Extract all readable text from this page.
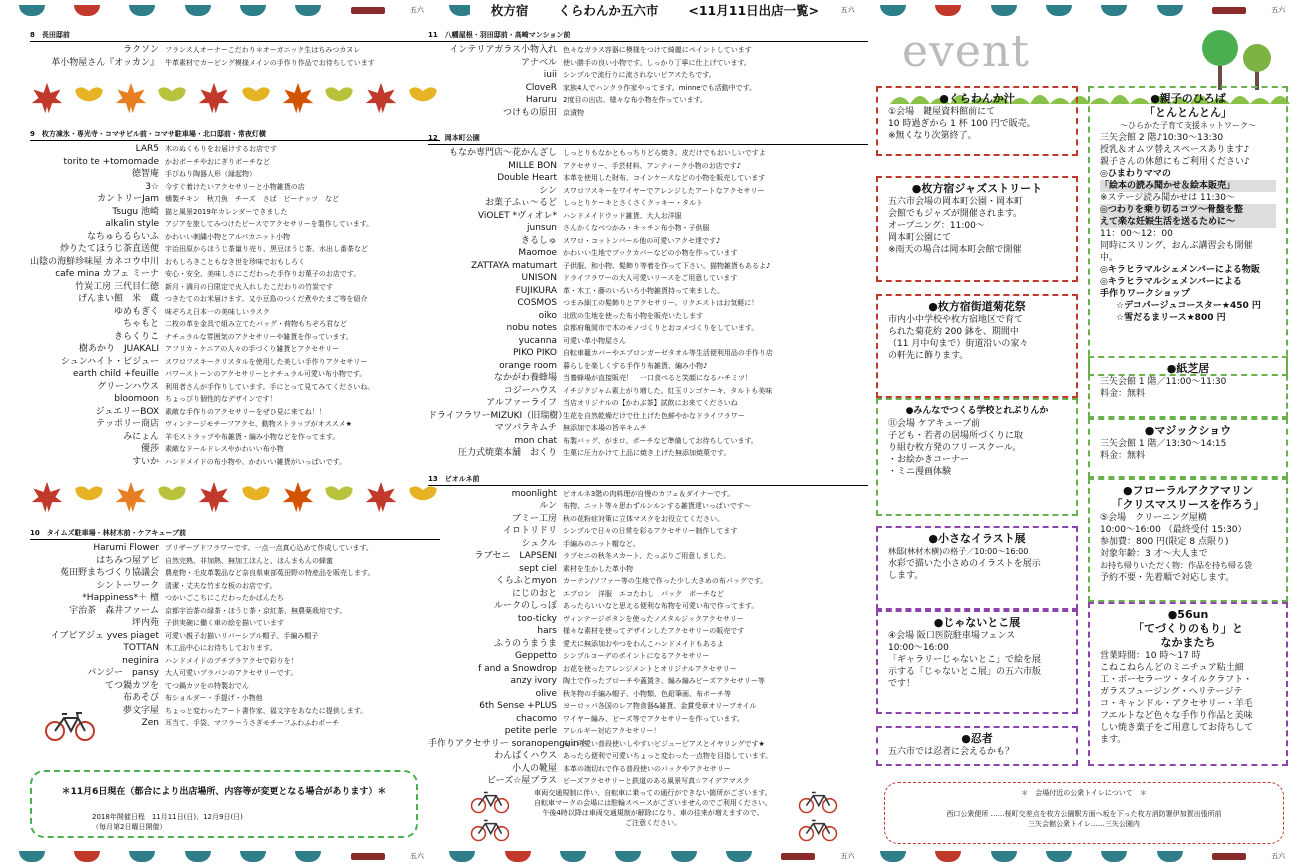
五六	五六	五六
五六	五六	五六
枚方宿 くらわんか五六市 <11月11日出店一覧>
8　長田邸前
ラクソン フランス人オーナーこだわり＊オーガニック生はちみつカヌレ
革小物屋さん『オッカン』 牛革素材でカービング模様メインの手作り作品でお待ちしています
9　枚方凍氷・専光寺・コマサビル前・コマサ駐車場・北口邸前・常夜灯横
LAR5 木のぬくもりをお届けするお店です
torito te +tomomade かおポーチやおにぎりポーチなど
徳智庵 手びねり陶器人形（縁起物）
3☆ 今すぐ着けたいアクセサリーと小物雑貨の店
カントリーJam 燻製チキン　秋刀魚　チーズ　さば　ピーナッツ　など
Tsugu 池崎 猫と風景2019年カレンダーできました
alkalin style アジアを旅してみつけたピースでアクセサリーを製作しています。
なちゅらるらいふ かわいい刺繍小物とアルパカニット小物
炒りたてほうじ茶直送便 宇治田原からほうじ茶量り売り、黒豆ほうじ茶、水出し番茶など
山陰の海鮮珍味屋 カネコウ中川 おもしろきこともなき世を珍味でおもしろく
cafe mina カフェ ミーナ 安心・安全、美味しさにこだわった手作りお菓子のお店です。
竹炭工房 三代目仁徳 新月・満月の日限定で火入れしたこだわりの竹炭です
げんまい館　米　蔵 つきたてのお米届けます。又小豆島のつくだ煮やたまご等を紹介
ゆめもぎく 味ぞろえ日本一の美味しいラスク
ちゃもと 二枚の革を金具で組み立てたバッグ・荷物もちぞろ君など
きらくりこ ナチュラルな雰囲気のアクセサリーや雑貨を作っています。
樹あかり　JUAKALI アフリカ・ケニアの人々の手づくり雑貨とアクセサリー
シュンハイト・ビジュー スワロフスキークリスタルを使用した美しい手作りアクセサリー
earth child +feuille パワーストーンのアクセサリーとナチュラル可愛い布小物です。
グリーンハウス 利用者さんが手作りしています。手にとって見てみてくださいね。
bloomoon ちょっぴり個性的なデザインです！
ジュエリーBOX 素敵な手作りのアクセサリーをぜひ見に来てね！！
テッポリー商店 ヴィンテージモチーフアクセ、動物ストラップがオススメ★
みにょん 羊毛ストラップや布雑貨・編み小物などを作ってます。
優莎 素敵なドールドレスやかわいい布小物
すいか ハンドメイドの布小物や、かわいい雑貨がいっぱいです。
10　タイムズ駐車場・林材木前・ケアキューブ前
Harumi Flower プリザーブドフラワーです。一点一点真心込めて作成しています。
はちみつ屋アピ 自然完熟、非加熱、無加工ほんと、ほんまもんの蜂蜜
菟田野まちづくり協議会 農産物・毛皮革製品など奈良県東部菟田野の特産品を販売します。
シントーワーク 清潔・丈夫な竹まな板のお店です。
*Happiness*＋ 檀 つかいごこちにこだわったかばんたち
宇治茶　森井ファーム 京都宇治茶の緑茶・ほうじ茶・京紅茶、無農薬栽培です。
坪内苑 子供実碗に働く車の絵を描いています
イブピアジェ yves piaget 可愛い親子お揃いリバーシブル帽子、手編み帽子
TOTTAN 木工品中心にお待ちしております。
neginira ハンドメイドのプチプラアクセで彩りを！
パンジー　pansy 大人可愛いプラバンのアクセサリーです。
てつ鍋カツを てつ鍋カツをの特製おでん
布あそび 布ショルダー・手提げ・小物他
夢文字屋 ちょっと変わったアート書作家、福文字をあなたに提供します。
Zen 耳当て、手袋、マフラーうさぎモチーフふわふわポーチ
＊11月6日現在（都合により出店場所、内容等が変更となる場合があります）＊
2018年開催日程　11月11日(日)、12月9日(日)
（毎月第2日曜日開催）
11　八幡屋根・羽田邸前・高崎マンション前
インテリアガラス小物入れ 色々なガラス容器に模様をつけて綺麗にペイントしています
アナベル 使い勝手の良い小物です。しっかり丁寧に仕上げています。
iuii シンプルで流行りに流されないピアスたちです。
CloveR 家族4人でハンクラ作家やってます。minneでも活動中です。
Haruru 2度目の出店。様々な布小物を作っています。
つけもの原田 京漬物
12　岡本町公園
もなか専門店〜花かんざし しっとりもなかともっちりどら焼き。皮だけでもおいしいですよ
MILLE BON アクセサリー、手芸材料、アンティーク小物のお店です♪
Double Heart 本革を使用した財布、コインケースなどの小物を販売しています
シン スワロフスキーをワイヤーでアレンジしたアートなアクセサリー
お菓子ふぃ〜るど しっとりケーキとさくさくクッキー・タルト
ViOLET *ヴィオレ* ハンドメイドウッド雑貨、大人お洋服
junsun さんかくなべつかみ・キッチン布小物・子供服
きるしゅ スワロ・コットンパール他の可愛いアクセ達です♪
Maomoe かわいい生地でブックカバーなどの小物を作っています
ZATTAYA matumart 子供服、和小物、髪飾り等着を作って下さい。猫物雑貨もあるよ♪
UNISON ドライフラワーの大人可愛いリースをご用意しています
FUJIKURA 革・木工・藤のいろいろ小物雑貨持って来ました。
COSMOS つまみ細工の髪飾りとアクセサリー。リクエストはお気軽に！
oiko 北欧の生地を使った布小物を販売いたします
nobu notes 京都府亀岡市で木のモノづくりとおコメづくりをしています。
yucanna 可愛い革小物屋さん
PIKO PIKO 自転車籠カバーやエプロンガーゼタオル等生活便利用品の手作り店
orange room 暮らしを楽しくする手作り布雑貨、編み小物♪
なかがわ養蜂場 当養蜂場が直接販売！　一口食べると笑顔になるハチミツ！
コジーハウス イチジクジャム素上がり増した。紅玉リンゴケーキ、タルトも美味
アルファーライフ 当店オリジナルの【かわぶ茶】試飲にお来てくださいね
ドライフラワーMIZUKI（旧瑞樹）
生花を自然乾燥だけで仕上げた色鮮やかなドライフラワー
マツバラキムチ 無添加で本場の旨辛キムチ
mon chat 布製バッグ、がまロ、ポーチなど準備してお待ちしています。
圧力式焼菓本舗　おくり 生菓に圧力かけて上品に焼き上げた無添加焼菓です。
13　ビオルネ前
moonlight ビオルネ3階の肉料理が自慢のカフェ＆ダイナーです。
ルン 布物、ニット等々思わずルンルンする雑貨達いっぱいです〜
ブミー工房 秋の花粉症対策に立体マスクをお役立てください。
イロトリドリ シンプルで日々の日常を彩るアクセサリー制作してます
シュクル 手編みのニット帽など。
ラブセニ　LAPSENI ラプセニの秋冬スカート、たっぷりご用意しました。
sept ciel 素材を生かした革小物
くらふとmyon カーテン/ソファー等の生地で作った少し大きめの布バッグです。
にじのおと エプロン　洋服　エコたわし　バック　ポーチなど
ルークのしっぽ あったらいいなと思える便利な布物を可愛い布で作ってます。
too-ticky ヴィンテージボタンを使ったノスタルジックアクセサリー
hars 様々な素材を使ってデザインしたアクセサリーの販売です
ふうのうまうま 愛犬に無添加おやつをわんこハンドメイドもあるよ
Geppetto シンプルコーデのポイントになるアクセサリー
f and a Snowdrop お花を使ったアレンジメントとオリジナルアクセサリー
anzy ivory 陶土で作ったブローチや蓋置き、編み編みビーズアクセサリー等
olive 秋冬物の手編み帽子、小物類、色鉛筆画、布ボーチ等
6th Sense +PLUS ヨーロッパ各国のレア物食器&雑貨、金賞受章オリーブオイル
chacomo ワイヤー編み、ビーズ等でアクセサリーを作っています。
petite perle アレルギー対応アクセサリー！
手作りアクセサリー soranopenguin＊
安く可愛い普段使いしやすいビジューピアスとイヤリングです★
わんぱくハウス あったら便利で可愛いちょっと変わった一点物を目指しています。
小人の靴屋 本革の端切れで作る普段使いのバックやアクセサリー
ビーズ☆屋プラス ビーズアクセサリーと鉄道のある風景写真☆アイデアマスク
車両交通規制に伴い、自転車に乗っての通行ができない箇所がございます。
自転車マークの会場には駐輪スペースがございませんのでご利用ください。
午後4時以降は車両交通規制が解除になり、車の往来が増えますので、
ご注意ください。
event
●くらわんか汁
①会場　鍵屋資料館前にて
10 時過ぎから 1 杯 100 円で販売。
※無くなり次第終了。
●枚方宿ジャズストリート
五六市会場の岡本町公園・岡本町
会館でもジャズが開催されます。
オープニング：11:00〜
岡本町公園にて
※雨天の場合は岡本町会館で開催
●枚方宿街道菊花祭
市内小中学校や枚方宿地区で育て
られた菊花約 200 鉢を、期間中
（11 月中旬まで）街道沿いの家々
の軒先に飾ります。
●みんなでつくる学校とれぶりんか
⑪会場 ケアキューブ前
子ども・若者の居場所づくりに取
り組む枚方発のフリースクール。
・お絵かきコーナー
・ミニ漫画体験
●小さなイラスト展
林邸(林材木横)の格子／10:00〜16:00
水彩で描いた小さめのイラストを展示
します。
●じゃないとこ展
④会場 阪口医院駐車場フェンス
10:00〜16:00
「ギャラリーじゃないとこ」で絵を展
示する「じゃないとこ展」の五六市版
です！
●忍者
五六市では忍者に会えるかも？
●親子のひろば
「とんとんとん」
〜ひらかた子育て支援ネットワーク〜
三矢会館 2 階♪10:30〜13:30
授乳＆オムツ替えスペースあります♪
親子さんの休憩にもご利用ください♪
◎ひまわりママの
「絵本の読み聞かせ＆絵本販売」
※ステージ読み聞かせは 11:30〜
◎つわりを乗り切るコツ〜骨盤を整
えて楽な妊娠生活を送るために〜
11：00〜12：00
同時にスリング、おんぶ講習会も開催
中。
◎キラヒラマルシェメンバーによる物販
◎キラヒラマルシェメンバーによる
手作りワークショップ
☆デコパージュコースター★450 円
☆雪だるまリース★800 円
●紙芝居
三矢会館 1 階／11:00〜11:30
料金：無料
●マジックショウ
三矢会館 1 階／13:30〜14:15
料金：無料
●フローラルアクアマリン
「クリスマスリースを作ろう」
⑤会場　クリーニング屋横
10:00〜16:00 （最終受付 15:30）
参加費：800 円(限定 8 点限り)
対象年齢：3 才〜大人まで
お持ち帰りいただく物：作品を持ち帰る袋
予約不要・先着順で対応します。
●56un
「てづくりのもり」と
なかまたち
営業時間：10 時〜17 時
こねこねらんどのミニチュア粘土細
工・ボーセラーツ・タイルクラフト・
ガラスフュージング・ヘリテージテ
コ・キャンドル・アクセサリー・羊毛
フエルトなど色々な手作り作品と美味
しい焼き菓子をご用意してお待ちして
ます。
＊　会場付近の公衆トイレについて　＊
西口公衆便所 ……桜町交差点を枚方公園駅方面へ坂を下った枚方消防署伊加賀出張所前
三矢会館公衆トイレ……三矢公園内
